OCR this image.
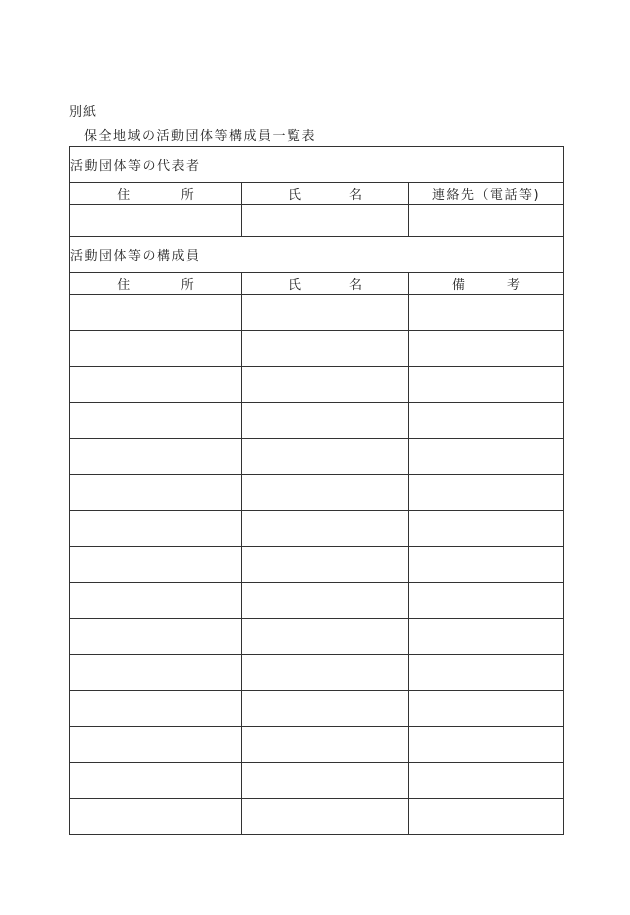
別紙
保全地域の活動団体等構成員一覧表
活動団体等の代表者		

住 所	氏 名	連絡先（電話等)

活動団体等の構成員		

住 所	氏 名	備 考
